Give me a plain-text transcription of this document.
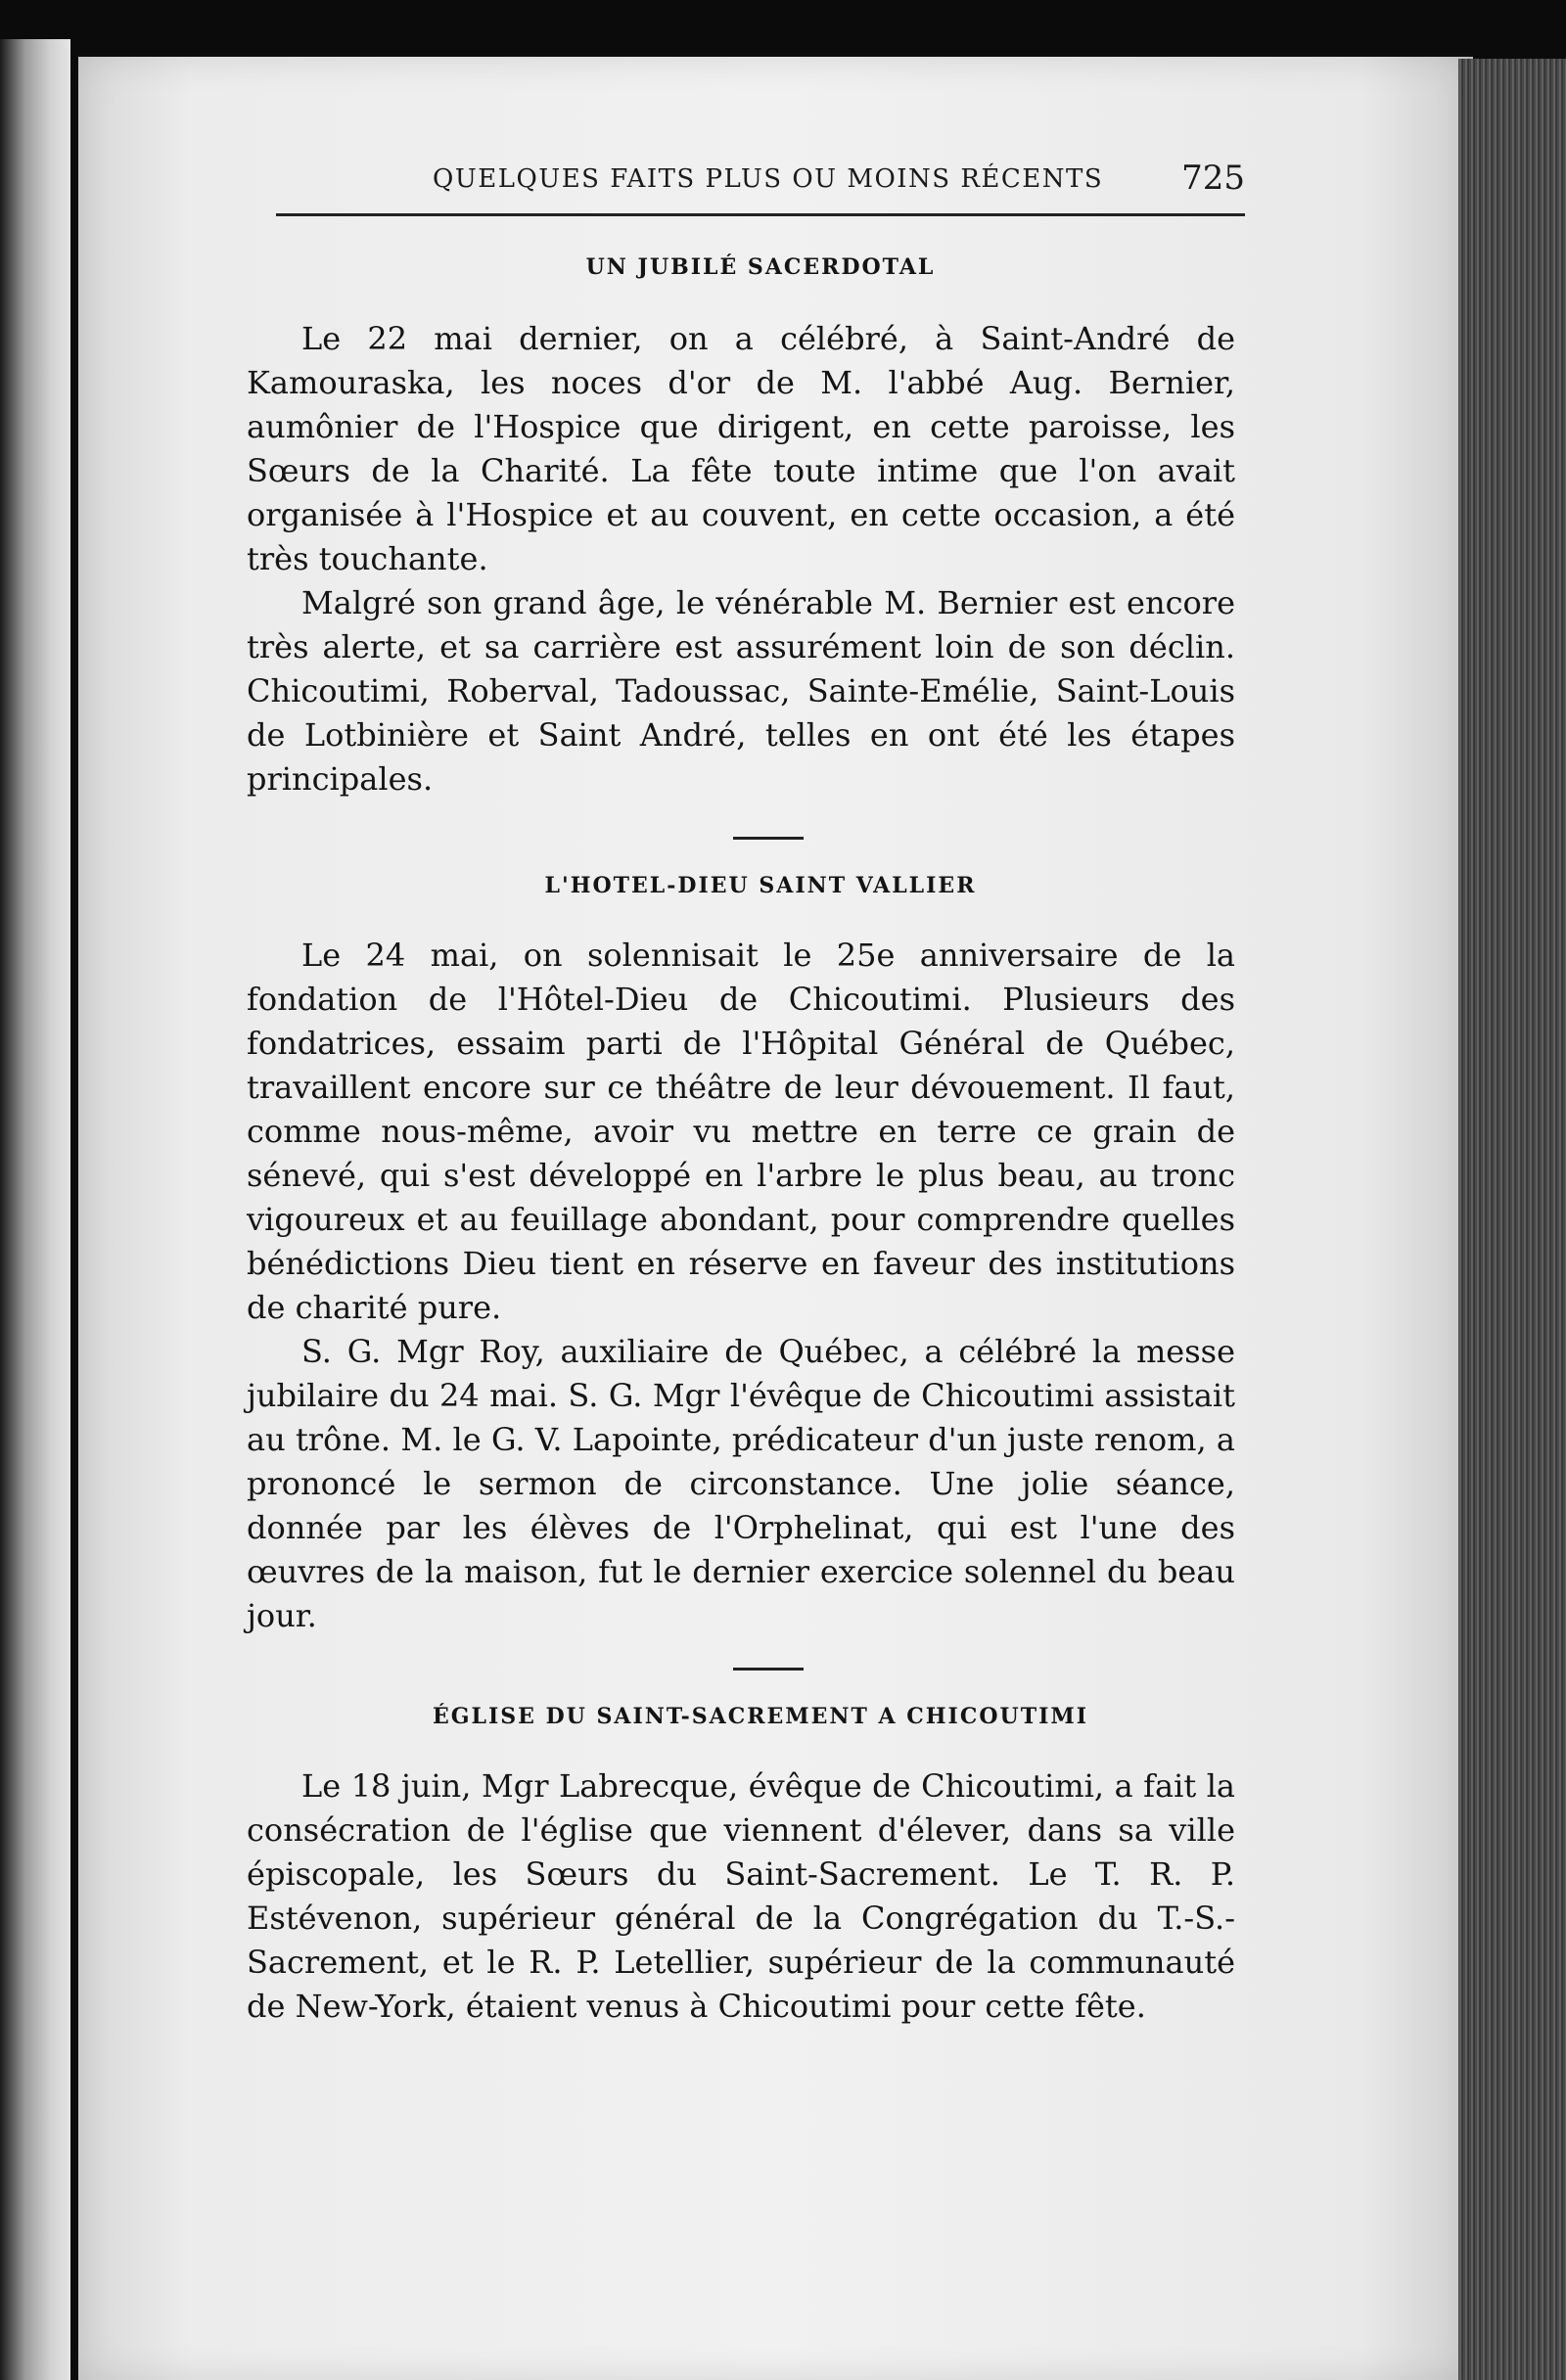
QUELQUES FAITS PLUS OU MOINS RÉCENTS 725
UN JUBILÉ SACERDOTAL

Le 22 mai dernier, on a célébré, à Saint-André de Kamouraska, les noces d'or de M. l'abbé Aug. Bernier, aumônier de l'Hospice que dirigent, en cette paroisse, les Sœurs de la Charité. La fête toute intime que l'on avait organisée à l'Hospice et au couvent, en cette occasion, a été très touchante.

Malgré son grand âge, le vénérable M. Bernier est encore très alerte, et sa carrière est assurément loin de son déclin. Chicoutimi, Roberval, Tadoussac, Sainte-Emélie, Saint-Louis de Lotbinière et Saint André, telles en ont été les étapes principales.

L'HOTEL-DIEU SAINT VALLIER

Le 24 mai, on solennisait le 25e anniversaire de la fondation de l'Hôtel-Dieu de Chicoutimi. Plusieurs des fondatrices, essaim parti de l'Hôpital Général de Québec, travaillent encore sur ce théâtre de leur dévouement. Il faut, comme nous-même, avoir vu mettre en terre ce grain de sénevé, qui s'est développé en l'arbre le plus beau, au tronc vigoureux et au feuillage abondant, pour comprendre quelles bénédictions Dieu tient en réserve en faveur des institutions de charité pure.

S. G. Mgr Roy, auxiliaire de Québec, a célébré la messe jubilaire du 24 mai. S. G. Mgr l'évêque de Chicoutimi assistait au trône. M. le G. V. Lapointe, prédicateur d'un juste renom, a prononcé le sermon de circonstance. Une jolie séance, donnée par les élèves de l'Orphelinat, qui est l'une des œuvres de la maison, fut le dernier exercice solennel du beau jour.

ÉGLISE DU SAINT-SACREMENT A CHICOUTIMI

Le 18 juin, Mgr Labrecque, évêque de Chicoutimi, a fait la consécration de l'église que viennent d'élever, dans sa ville épiscopale, les Sœurs du Saint-Sacrement. Le T. R. P. Estévenon, supérieur général de la Congrégation du T.-S.-Sacrement, et le R. P. Letellier, supérieur de la communauté de New-York, étaient venus à Chicoutimi pour cette fête.
